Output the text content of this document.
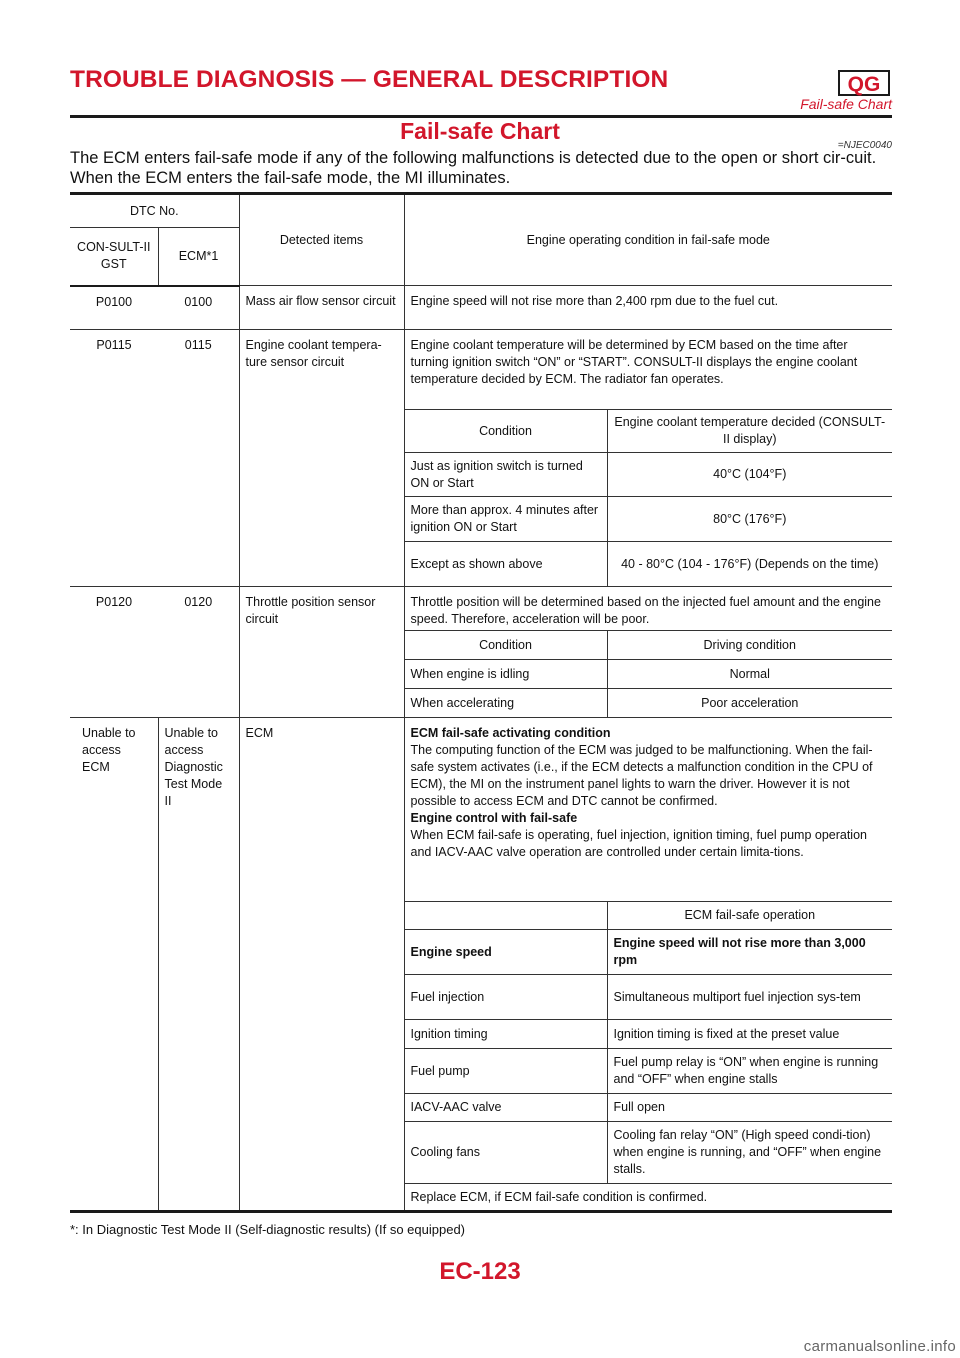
TROUBLE DIAGNOSIS — GENERAL DESCRIPTION	QG
Fail-safe Chart
Fail-safe Chart
=NJEC0040
The ECM enters fail-safe mode if any of the following malfunctions is detected due to the open or short cir-cuit. When the ECM enters the fail-safe mode, the MI illuminates.
DTC No.		Detected items	Engine operating condition in fail-safe mode	
CON-SULT-II GST	ECM*1			
P0100	0100	Mass air flow sensor circuit	Engine speed will not rise more than 2,400 rpm due to the fuel cut.	
P0115	0115	Engine coolant tempera-ture sensor circuit	Engine coolant temperature will be determined by ECM based on the time after turning ignition switch “ON” or “START”. CONSULT-II displays the engine coolant temperature decided by ECM. The radiator fan operates.	
			Condition	Engine coolant temperature decided (CONSULT-II display)
			Just as ignition switch is turned ON or Start	40°C (104°F)
			More than approx. 4 minutes after ignition ON or Start	80°C (176°F)
			Except as shown above	40 - 80°C (104 - 176°F) (Depends on the time)
P0120	0120	Throttle position sensor circuit	Throttle position will be determined based on the injected fuel amount and the engine speed. Therefore, acceleration will be poor.	
			Condition	Driving condition
			When engine is idling	Normal
			When accelerating	Poor acceleration
Unable to access ECM	Unable to access Diagnostic Test Mode II	ECM	ECM fail-safe activating condition
The computing function of the ECM was judged to be malfunctioning. When the fail-safe system activates (i.e., if the ECM detects a malfunction condition in the CPU of ECM), the MI on the instrument panel lights to warn the driver. However it is not possible to access ECM and DTC cannot be confirmed.
Engine control with fail-safe
When ECM fail-safe is operating, fuel injection, ignition timing, fuel pump operation and IACV-AAC valve operation are controlled under certain limita-tions.	
				ECM fail-safe operation
			Engine speed	Engine speed will not rise more than 3,000 rpm
			Fuel injection	Simultaneous multiport fuel injection sys-tem
			Ignition timing	Ignition timing is fixed at the preset value
			Fuel pump	Fuel pump relay is “ON” when engine is running and “OFF” when engine stalls
			IACV-AAC valve	Full open
			Cooling fans	Cooling fan relay “ON” (High speed condi-tion) when engine is running, and “OFF” when engine stalls.
			Replace ECM, if ECM fail-safe condition is confirmed.	
*: In Diagnostic Test Mode II (Self-diagnostic results) (If so equipped)
EC-123
carmanualsonline.info
